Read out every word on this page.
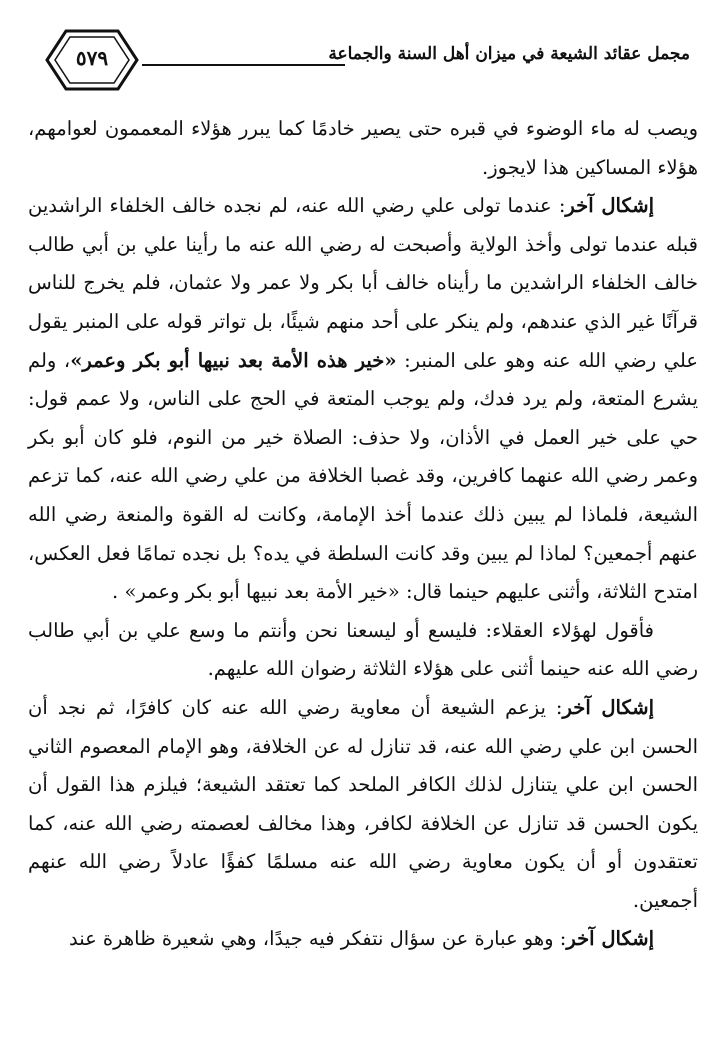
مجمل عقائد الشيعة في ميزان أهل السنة والجماعة
٥٧٩

ويصب له ماء الوضوء في قبره حتى يصير خادمًا كما يبرر هؤلاء المعممون لعوامهم، هؤلاء المساكين هذا لايجوز.

إشكال آخر: عندما تولى علي رضي الله عنه، لم نجده خالف الخلفاء الراشدين قبله عندما تولى وأخذ الولاية وأصبحت له رضي الله عنه ما رأينا علي بن أبي طالب خالف الخلفاء الراشدين ما رأيناه خالف أبا بكر ولا عمر ولا عثمان، فلم يخرج للناس قرآنًا غير الذي عندهم، ولم ينكر على أحد منهم شيئًا، بل تواتر قوله على المنبر يقول علي رضي الله عنه وهو على المنبر: «خير هذه الأمة بعد نبيها أبو بكر وعمر»، ولم يشرع المتعة، ولم يرد فدك، ولم يوجب المتعة في الحج على الناس، ولا عمم قول: حي على خير العمل في الأذان، ولا حذف: الصلاة خير من النوم، فلو كان أبو بكر وعمر رضي الله عنهما كافرين، وقد غصبا الخلافة من علي رضي الله عنه، كما تزعم الشيعة، فلماذا لم يبين ذلك عندما أخذ الإمامة، وكانت له القوة والمنعة رضي الله عنهم أجمعين؟ لماذا لم يبين وقد كانت السلطة في يده؟ بل نجده تمامًا فعل العكس، امتدح الثلاثة، وأثنى عليهم حينما قال: «خير الأمة بعد نبيها أبو بكر وعمر» .

فأقول لهؤلاء العقلاء: فليسع أو ليسعنا نحن وأنتم ما وسع علي بن أبي طالب رضي الله عنه حينما أثنى على هؤلاء الثلاثة رضوان الله عليهم.

إشكال آخر: يزعم الشيعة أن معاوية رضي الله عنه كان كافرًا، ثم نجد أن الحسن ابن علي رضي الله عنه، قد تنازل له عن الخلافة، وهو الإمام المعصوم الثاني الحسن ابن علي يتنازل لذلك الكافر الملحد كما تعتقد الشيعة؛ فيلزم هذا القول أن يكون الحسن قد تنازل عن الخلافة لكافر، وهذا مخالف لعصمته رضي الله عنه، كما تعتقدون أو أن يكون معاوية رضي الله عنه مسلمًا كفؤًا عادلاً رضي الله عنهم أجمعين.

إشكال آخر: وهو عبارة عن سؤال نتفكر فيه جيدًا، وهي شعيرة ظاهرة عند
